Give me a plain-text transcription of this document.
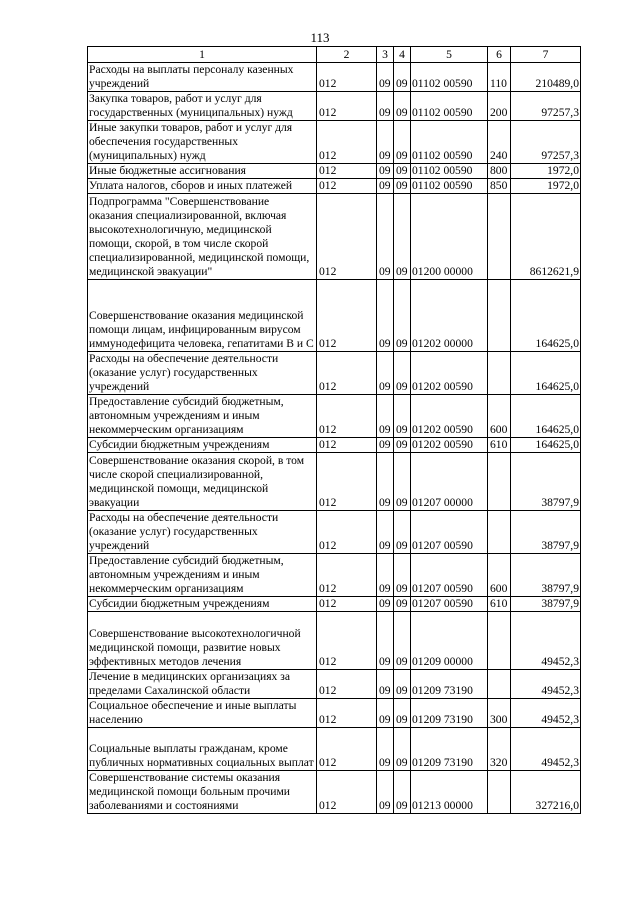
113
1	2	3	4	5	6	7
Расходы на выплаты персоналу казенных учреждений	012	09	09	01102 00590	110	210489,0
Закупка товаров, работ и услуг для государственных (муниципальных) нужд	012	09	09	01102 00590	200	97257,3
Иные закупки товаров, работ и услуг для обеспечения государственных (муниципальных) нужд	012	09	09	01102 00590	240	97257,3
Иные бюджетные ассигнования	012	09	09	01102 00590	800	1972,0
Уплата налогов, сборов и иных платежей	012	09	09	01102 00590	850	1972,0
Подпрограмма "Совершенствование оказания специализированной, включая высокотехнологичную, медицинской помощи, скорой, в том числе скорой специализированной, медицинской помощи, медицинской эвакуации"	012	09	09	01200 00000		8612621,9
Совершенствование оказания медицинской помощи лицам, инфицированным вирусом иммунодефицита человека, гепатитами B и C	012	09	09	01202 00000		164625,0
Расходы на обеспечение деятельности (оказание услуг) государственных учреждений	012	09	09	01202 00590		164625,0
Предоставление субсидий бюджетным, автономным учреждениям и иным некоммерческим организациям	012	09	09	01202 00590	600	164625,0
Субсидии бюджетным учреждениям	012	09	09	01202 00590	610	164625,0
Совершенствование оказания скорой, в том числе скорой специализированной, медицинской помощи, медицинской эвакуации	012	09	09	01207 00000		38797,9
Расходы на обеспечение деятельности (оказание услуг) государственных учреждений	012	09	09	01207 00590		38797,9
Предоставление субсидий бюджетным, автономным учреждениям и иным некоммерческим организациям	012	09	09	01207 00590	600	38797,9
Субсидии бюджетным учреждениям	012	09	09	01207 00590	610	38797,9
Совершенствование высокотехнологичной медицинской помощи, развитие новых эффективных методов лечения	012	09	09	01209 00000		49452,3
Лечение в медицинских организациях за пределами Сахалинской области	012	09	09	01209 73190		49452,3
Социальное обеспечение и иные выплаты населению	012	09	09	01209 73190	300	49452,3
Социальные выплаты гражданам, кроме публичных нормативных социальных выплат	012	09	09	01209 73190	320	49452,3
Совершенствование системы оказания медицинской помощи больным прочими заболеваниями и состояниями	012	09	09	01213 00000		327216,0
